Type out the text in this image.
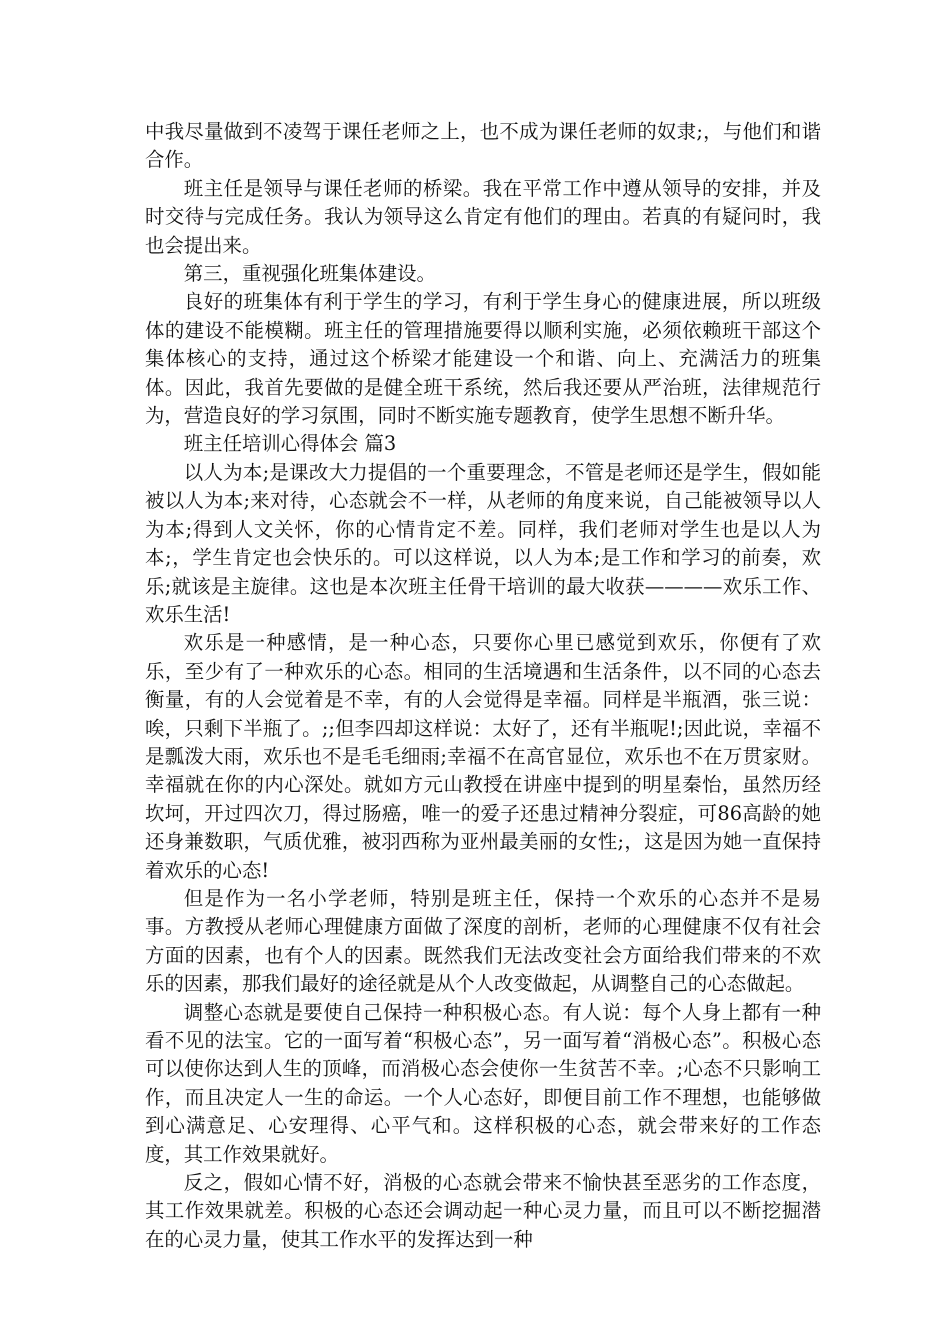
中我尽量做到不凌驾于课任老师之上，也不成为课任老师的奴隶;，与他们和谐合作。

班主任是领导与课任老师的桥梁。我在平常工作中遵从领导的安排，并及时交待与完成任务。我认为领导这么肯定有他们的理由。若真的有疑问时，我也会提出来。

第三，重视强化班集体建设。

良好的班集体有利于学生的学习，有利于学生身心的健康进展，所以班级体的建设不能模糊。班主任的管理措施要得以顺利实施，必须依赖班干部这个集体核心的支持，通过这个桥梁才能建设一个和谐、向上、充满活力的班集体。因此，我首先要做的是健全班干系统，然后我还要从严治班，法律规范行为，营造良好的学习氛围，同时不断实施专题教育，使学生思想不断升华。

班主任培训心得体会 篇3

以人为本;是课改大力提倡的一个重要理念，不管是老师还是学生，假如能被以人为本;来对待，心态就会不一样，从老师的角度来说，自己能被领导以人为本;得到人文关怀，你的心情肯定不差。同样，我们老师对学生也是以人为本;，学生肯定也会快乐的。可以这样说，以人为本;是工作和学习的前奏，欢乐;就该是主旋律。这也是本次班主任骨干培训的最大收获————欢乐工作、欢乐生活!

欢乐是一种感情，是一种心态，只要你心里已感觉到欢乐，你便有了欢乐，至少有了一种欢乐的心态。相同的生活境遇和生活条件，以不同的心态去衡量，有的人会觉着是不幸，有的人会觉得是幸福。同样是半瓶酒，张三说：唉，只剩下半瓶了。;;但李四却这样说：太好了，还有半瓶呢!;因此说，幸福不是瓢泼大雨，欢乐也不是毛毛细雨;幸福不在高官显位，欢乐也不在万贯家财。幸福就在你的内心深处。就如方元山教授在讲座中提到的明星秦怡，虽然历经坎坷，开过四次刀，得过肠癌，唯一的爱子还患过精神分裂症，可86高龄的她还身兼数职，气质优雅，被羽西称为亚州最美丽的女性;，这是因为她一直保持着欢乐的心态!

但是作为一名小学老师，特别是班主任，保持一个欢乐的心态并不是易事。方教授从老师心理健康方面做了深度的剖析，老师的心理健康不仅有社会方面的因素，也有个人的因素。既然我们无法改变社会方面给我们带来的不欢乐的因素，那我们最好的途径就是从个人改变做起，从调整自己的心态做起。

调整心态就是要使自己保持一种积极心态。有人说：每个人身上都有一种看不见的法宝。它的一面写着“积极心态”，另一面写着“消极心态”。积极心态可以使你达到人生的顶峰，而消极心态会使你一生贫苦不幸。;心态不只影响工作，而且决定人一生的命运。一个人心态好，即便目前工作不理想，也能够做到心满意足、心安理得、心平气和。这样积极的心态，就会带来好的工作态度，其工作效果就好。

反之，假如心情不好，消极的心态就会带来不愉快甚至恶劣的工作态度，其工作效果就差。积极的心态还会调动起一种心灵力量，而且可以不断挖掘潜在的心灵力量，使其工作水平的发挥达到一种
